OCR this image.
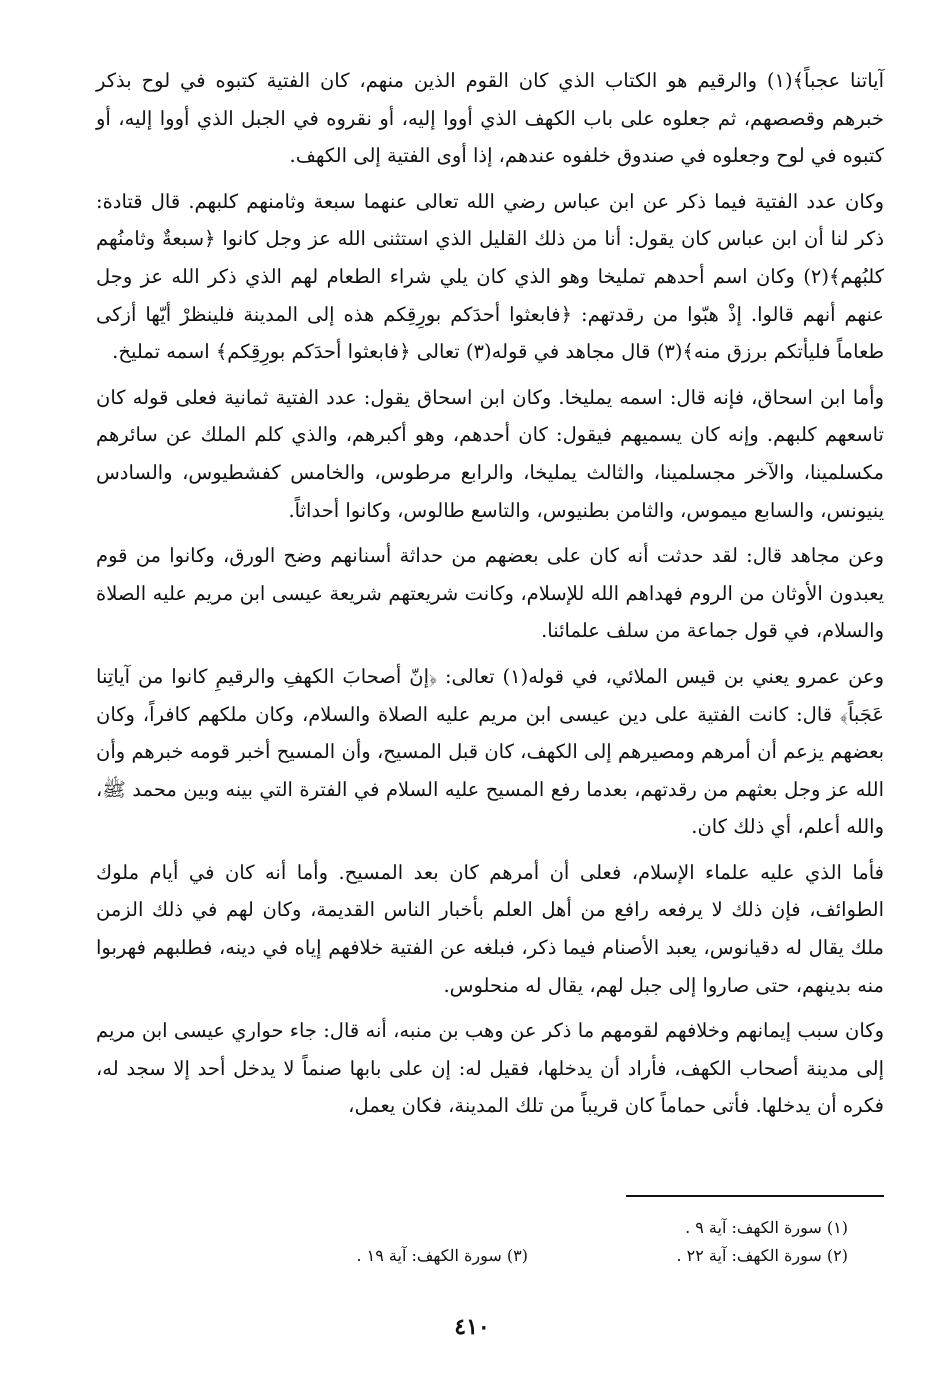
آياتنا عجباً﴾(١) والرقيم هو الكتاب الذي كان القوم الذين منهم، كان الفتية كتبوه في لوح بذكر خبرهم وقصصهم، ثم جعلوه على باب الكهف الذي أووا إليه، أو نقروه في الجبل الذي أووا إليه، أو كتبوه في لوح وجعلوه في صندوق خلفوه عندهم، إذا أوى الفتية إلى الكهف.

وكان عدد الفتية فيما ذكر عن ابن عباس رضي الله تعالى عنهما سبعة وثامنهم كلبهم. قال قتادة: ذكر لنا أن ابن عباس كان يقول: أنا من ذلك القليل الذي استثنى الله عز وجل كانوا ﴿سبعةٌ وثامنُهم كلبُهم﴾(٢) وكان اسم أحدهم تمليخا وهو الذي كان يلي شراء الطعام لهم الذي ذكر الله عز وجل عنهم أنهم قالوا. إذْ هبّوا من رقدتهم: ﴿فابعثوا أحدَكم بورِقِكم هذه إلى المدينة فلينظرْ أيّها أزكى طعاماً فليأتكم برزق منه﴾(٣) قال مجاهد في قوله(٣) تعالى ﴿فابعثوا أحدَكم بورِقِكم﴾ اسمه تمليخ.

وأما ابن اسحاق، فإنه قال: اسمه يمليخا. وكان ابن اسحاق يقول: عدد الفتية ثمانية فعلى قوله كان تاسعهم كلبهم. وإنه كان يسميهم فيقول: كان أحدهم، وهو أكبرهم، والذي كلم الملك عن سائرهم مكسلمينا، والآخر مجسلمينا، والثالث يمليخا، والرابع مرطوس، والخامس كفشطيوس، والسادس ينيونس، والسابع ميموس، والثامن بطنيوس، والتاسع طالوس، وكانوا أحداثاً.

وعن مجاهد قال: لقد حدثت أنه كان على بعضهم من حداثة أسنانهم وضح الورق، وكانوا من قوم يعبدون الأوثان من الروم فهداهم الله للإسلام، وكانت شريعتهم شريعة عيسى ابن مريم عليه الصلاة والسلام، في قول جماعة من سلف علمائنا.

وعن عمرو يعني بن قيس الملائي، في قوله(١) تعالى: ﴿إنّ أصحابَ الكهفِ والرقيمِ كانوا من آياتِنا عَجَباً﴾ قال: كانت الفتية على دين عيسى ابن مريم عليه الصلاة والسلام، وكان ملكهم كافراً، وكان بعضهم يزعم أن أمرهم ومصيرهم إلى الكهف، كان قبل المسيح، وأن المسيح أخبر قومه خبرهم وأن الله عز وجل بعثهم من رقدتهم، بعدما رفع المسيح عليه السلام في الفترة التي بينه وبين محمد ﷺ، والله أعلم، أي ذلك كان.

فأما الذي عليه علماء الإسلام، فعلى أن أمرهم كان بعد المسيح. وأما أنه كان في أيام ملوك الطوائف، فإن ذلك لا يرفعه رافع من أهل العلم بأخبار الناس القديمة، وكان لهم في ذلك الزمن ملك يقال له دقيانوس، يعبد الأصنام فيما ذكر، فبلغه عن الفتية خلافهم إياه في دينه، فطلبهم فهربوا منه بدينهم، حتى صاروا إلى جبل لهم، يقال له منحلوس.

وكان سبب إيمانهم وخلافهم لقومهم ما ذكر عن وهب بن منبه، أنه قال: جاء حواري عيسى ابن مريم إلى مدينة أصحاب الكهف، فأراد أن يدخلها، فقيل له: إن على بابها صنماً لا يدخل أحد إلا سجد له، فكره أن يدخلها. فأتى حماماً كان قريباً من تلك المدينة، فكان يعمل،

(١) سورة الكهف: آية ٩ .
(٢) سورة الكهف: آية ٢٢ .
(٣) سورة الكهف: آية ١٩ .
٤١٠
